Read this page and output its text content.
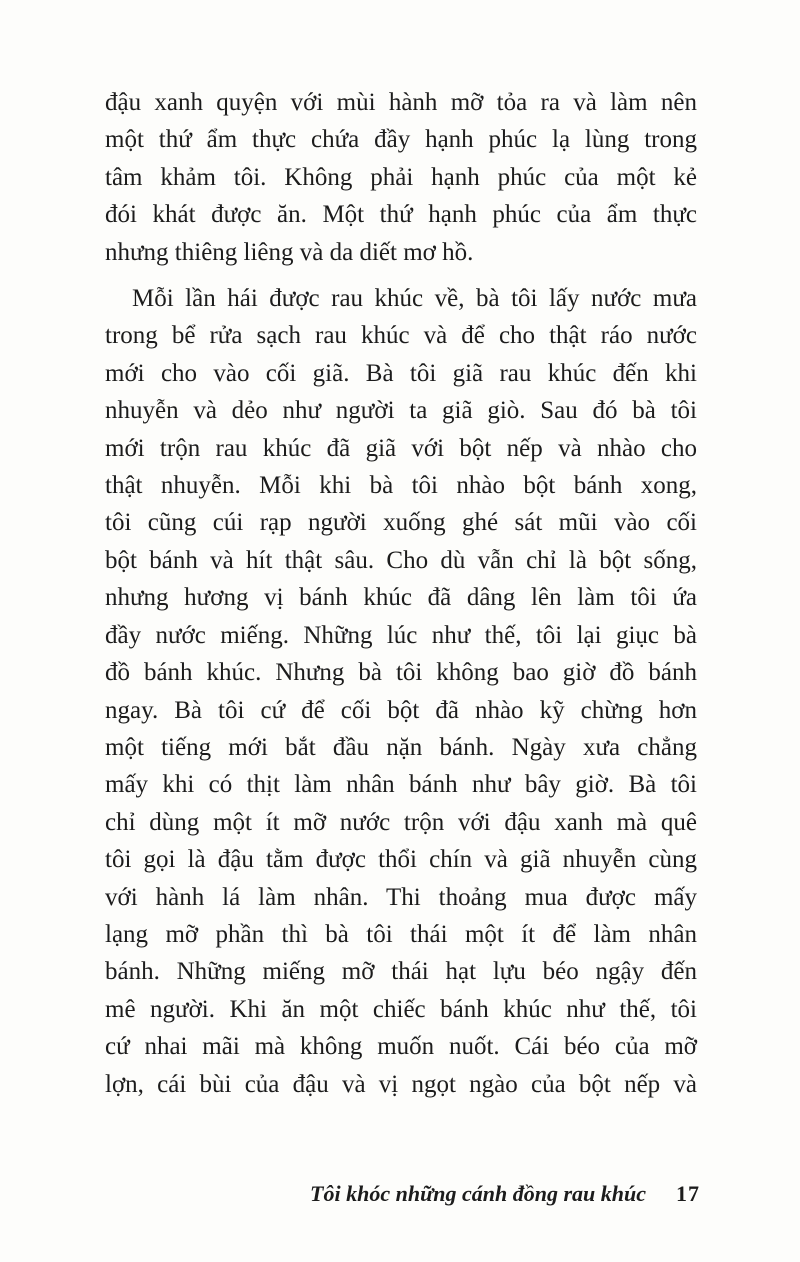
đậu xanh quyện với mùi hành mỡ tỏa ra và làm nên
một thứ ẩm thực chứa đầy hạnh phúc lạ lùng trong
tâm khảm tôi. Không phải hạnh phúc của một kẻ
đói khát được ăn. Một thứ hạnh phúc của ẩm thực
nhưng thiêng liêng và da diết mơ hồ.
Mỗi lần hái được rau khúc về, bà tôi lấy nước mưa
trong bể rửa sạch rau khúc và để cho thật ráo nước
mới cho vào cối giã. Bà tôi giã rau khúc đến khi
nhuyễn và dẻo như người ta giã giò. Sau đó bà tôi
mới trộn rau khúc đã giã với bột nếp và nhào cho
thật nhuyễn. Mỗi khi bà tôi nhào bột bánh xong,
tôi cũng cúi rạp người xuống ghé sát mũi vào cối
bột bánh và hít thật sâu. Cho dù vẫn chỉ là bột sống,
nhưng hương vị bánh khúc đã dâng lên làm tôi ứa
đầy nước miếng. Những lúc như thế, tôi lại giục bà
đồ bánh khúc. Nhưng bà tôi không bao giờ đồ bánh
ngay. Bà tôi cứ để cối bột đã nhào kỹ chừng hơn
một tiếng mới bắt đầu nặn bánh. Ngày xưa chẳng
mấy khi có thịt làm nhân bánh như bây giờ. Bà tôi
chỉ dùng một ít mỡ nước trộn với đậu xanh mà quê
tôi gọi là đậu tằm được thổi chín và giã nhuyễn cùng
với hành lá làm nhân. Thi thoảng mua được mấy
lạng mỡ phần thì bà tôi thái một ít để làm nhân
bánh. Những miếng mỡ thái hạt lựu béo ngậy đến
mê người. Khi ăn một chiếc bánh khúc như thế, tôi
cứ nhai mãi mà không muốn nuốt. Cái béo của mỡ
lợn, cái bùi của đậu và vị ngọt ngào của bột nếp và
Tôi khóc những cánh đồng rau khúc 17
